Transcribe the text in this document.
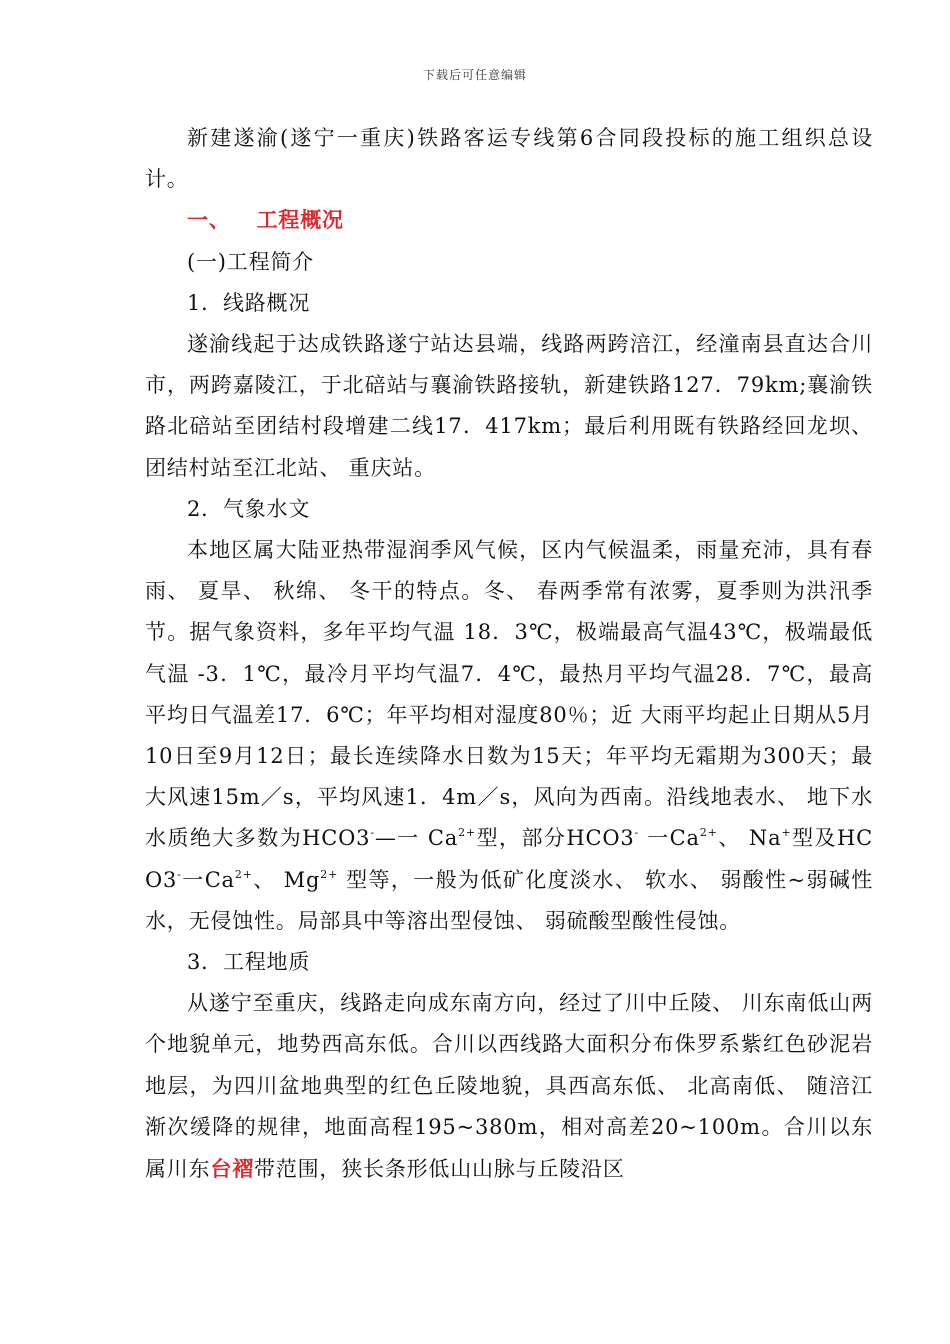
下载后可任意编辑

新建遂渝(遂宁一重庆)铁路客运专线第6合同段投标的施工组织总设计。

一、 工程概况

(一)工程简介

1．线路概况

遂渝线起于达成铁路遂宁站达县端，线路两跨涪江，经潼南县直达合川市，两跨嘉陵江，于北碚站与襄渝铁路接轨，新建铁路127．79km;襄渝铁路北碚站至团结村段增建二线17．417km；最后利用既有铁路经回龙坝、 团结村站至江北站、 重庆站。

2．气象水文

本地区属大陆亚热带湿润季风气候，区内气候温柔，雨量充沛，具有春雨、 夏旱、 秋绵、 冬干的特点。冬、 春两季常有浓雾，夏季则为洪汛季节。据气象资料，多年平均气温 18．3℃，极端最高气温43℃，极端最低气温 -3．1℃，最冷月平均气温7．4℃，最热月平均气温28．7℃，最高平均日气温差17．6℃；年平均相对湿度80％；近 大雨平均起止日期从5月10日至9月12日；最长连续降水日数为15天；年平均无霜期为300天；最大风速15m／s，平均风速1．4m／s，风向为西南。沿线地表水、 地下水水质绝大多数为HCO3-—一 $Ca^{2+}$型，部分HCO3- 一$Ca^{2+}$、 Na+型及HCO3-一$Ca^{2+}$、 $Mg^{2+}$ 型等，一般为低矿化度淡水、 软水、 弱酸性~弱碱性水，无侵蚀性。局部具中等溶出型侵蚀、 弱硫酸型酸性侵蚀。

3．工程地质

从遂宁至重庆，线路走向成东南方向，经过了川中丘陵、 川东南低山两个地貌单元，地势西高东低。合川以西线路大面积分布侏罗系紫红色砂泥岩地层，为四川盆地典型的红色丘陵地貌，具西高东低、 北高南低、 随涪江渐次缓降的规律，地面高程195~380m，相对高差20~100m。合川以东属川东台褶带范围，狭长条形低山山脉与丘陵沿区
